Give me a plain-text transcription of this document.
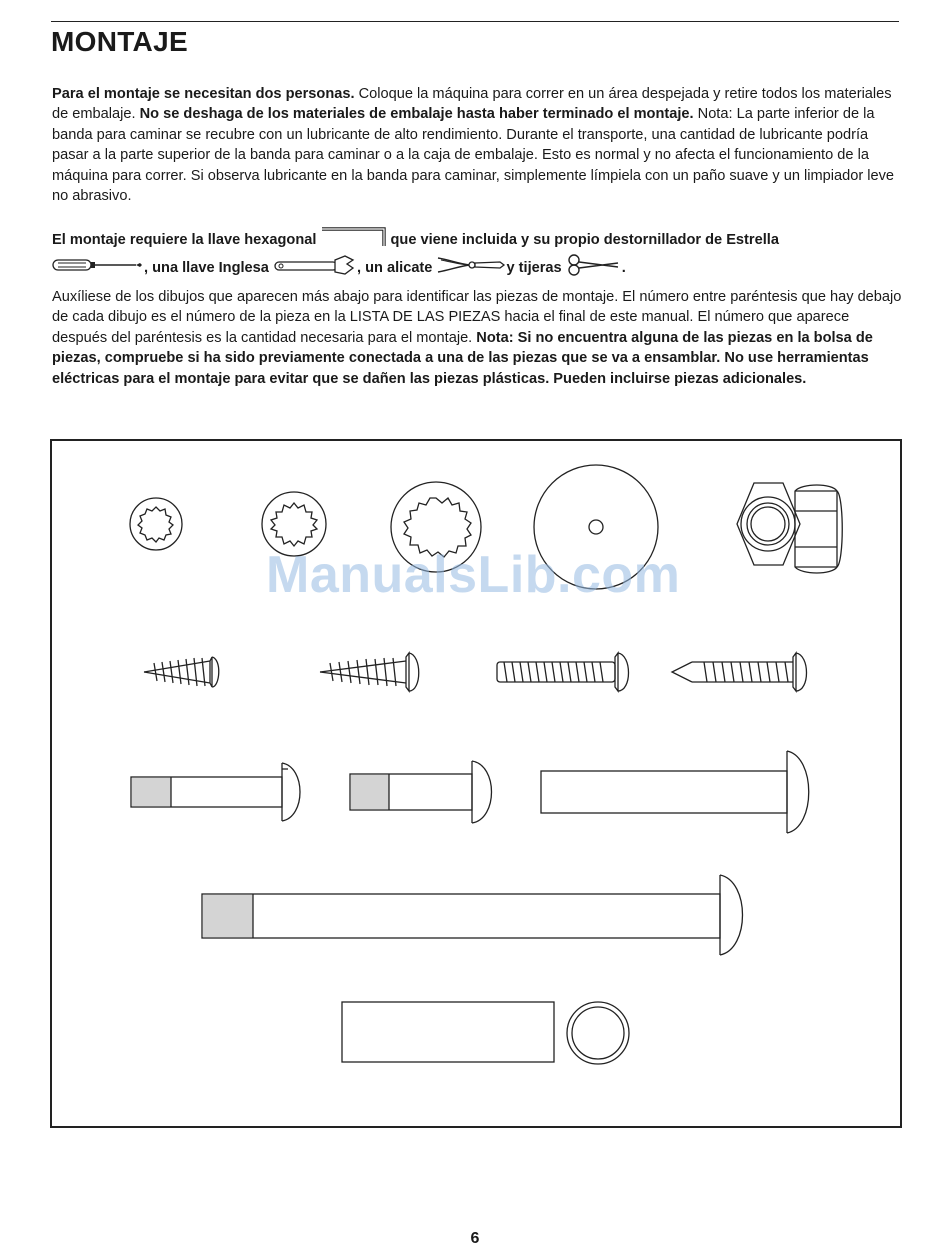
MONTAJE

Para el montaje se necesitan dos personas. Coloque la máquina para correr en un área despejada y retire todos los materiales de embalaje. No se deshaga de los materiales de embalaje hasta haber terminado el montaje. Nota: La parte inferior de la banda para caminar se recubre con un lubricante de alto rendimiento. Durante el transporte, una cantidad de lubricante podría pasar a la parte superior de la banda para caminar o a la caja de embalaje. Esto es normal y no afecta el funcionamiento de la máquina para correr. Si observa lubricante en la banda para caminar, simplemente límpiela con un paño suave y un limpiador leve no abrasivo.

El montaje requiere la llave hexagonal	que viene incluida y su propio destornillador de Estrella
, una llave Inglesa	, un alicate	y tijeras	.

Auxíliese de los dibujos que aparecen más abajo para identificar las piezas de montaje. El número entre paréntesis que hay debajo de cada dibujo es el número de la pieza en la LISTA DE LAS PIEZAS hacia el final de este manual. El número que aparece después del paréntesis es la cantidad necesaria para el montaje. Nota: Si no encuentra alguna de las piezas en la bolsa de piezas, compruebe si ha sido previamente conectada a una de las piezas que se va a ensamblar. No use herramientas eléctricas para el montaje para evitar que se dañen las piezas plásticas. Pueden incluirse piezas adicionales.

ManualsLib.com
6
